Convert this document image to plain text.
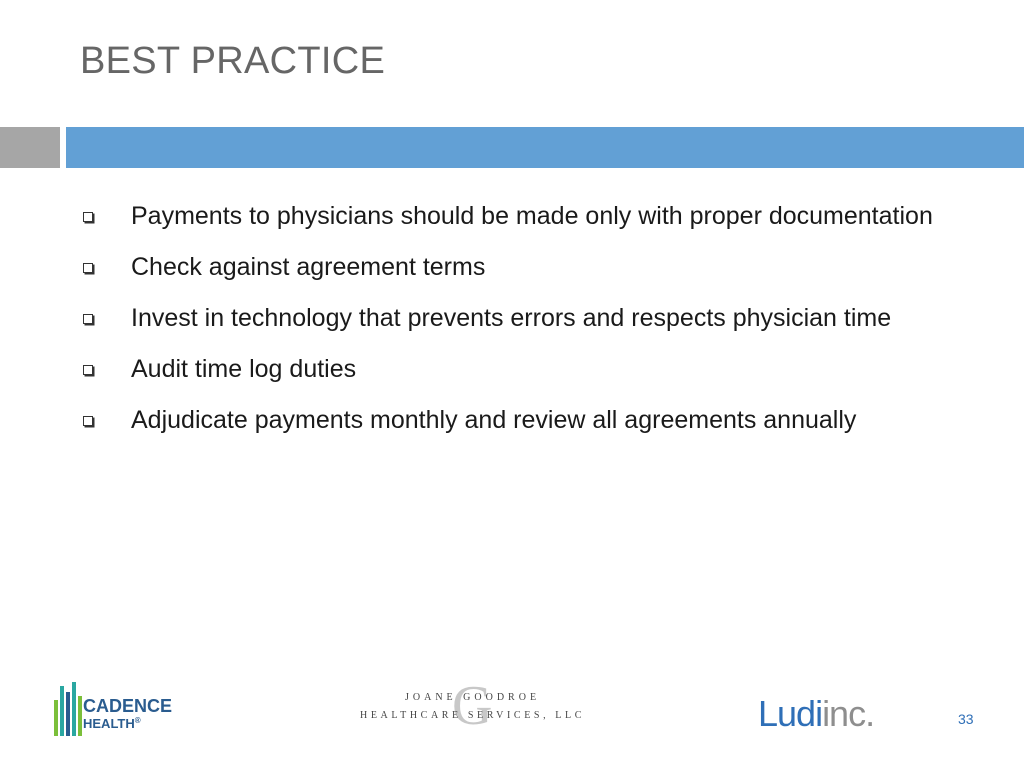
BEST PRACTICE
Payments to physicians should be made only with proper documentation
Check against agreement terms
Invest in technology that prevents errors and respects physician time
Audit time log duties
Adjudicate payments monthly and review all agreements annually
CADENCE
HEALTH®	G
JOANE GOODROE
HEALTHCARE SERVICES, LLC	Ludiinc.	33
